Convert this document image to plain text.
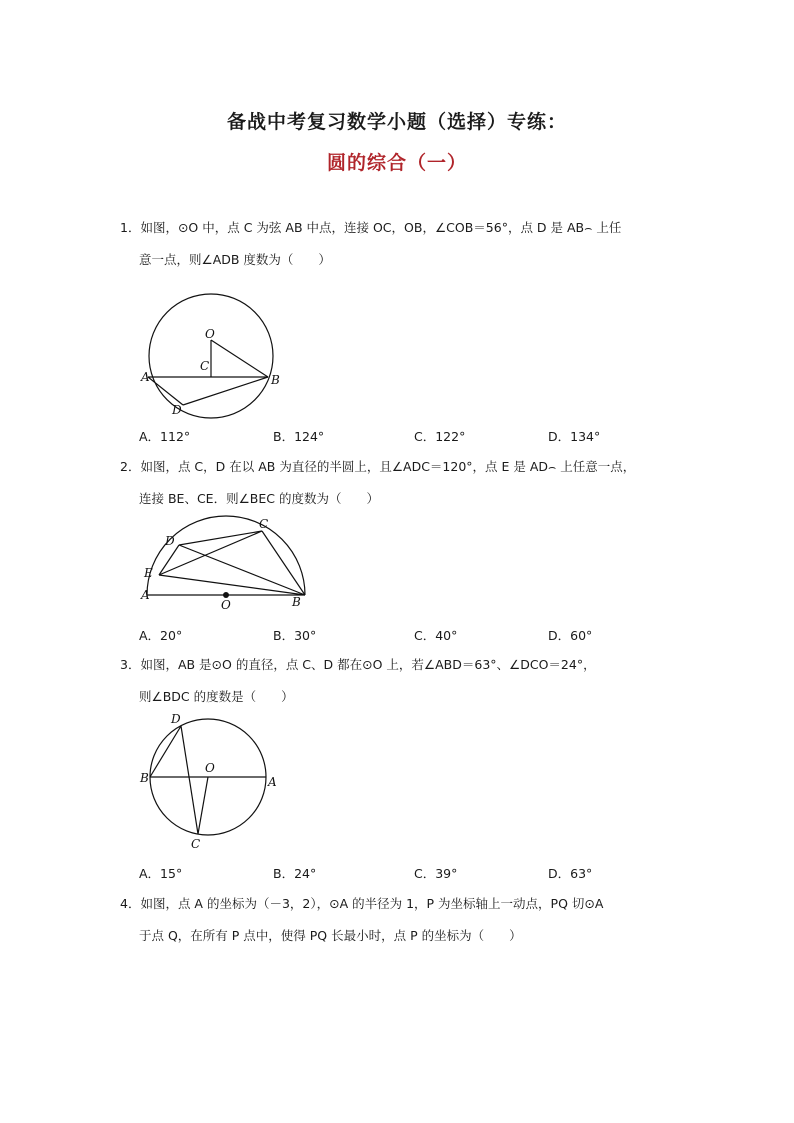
备战中考复习数学小题（选择）专练：
圆的综合（一）
1．如图，⊙O 中，点 C 为弦 AB 中点，连接 OC，OB，∠COB＝56°，点 D 是 AB⌢ 上任
意一点，则∠ADB 度数为（　　）
O
C
A	B
D
A．112°	B．124°	C．122°	D．134°
2．如图，点 C，D 在以 AB 为直径的半圆上，且∠ADC＝120°，点 E 是 AD⌢ 上任意一点，
连接 BE、CE．则∠BEC 的度数为（　　）
C
D
E
A
O	B
A．20°	B．30°	C．40°	D．60°
3．如图，AB 是⊙O 的直径，点 C、D 都在⊙O 上，若∠ABD＝63°、∠DCO＝24°，
则∠BDC 的度数是（　　）
D
B
O
A
C
A．15°	B．24°	C．39°	D．63°
4．如图，点 A 的坐标为（－3，2），⊙A 的半径为 1，P 为坐标轴上一动点，PQ 切⊙A
于点 Q，在所有 P 点中，使得 PQ 长最小时，点 P 的坐标为（　　）
